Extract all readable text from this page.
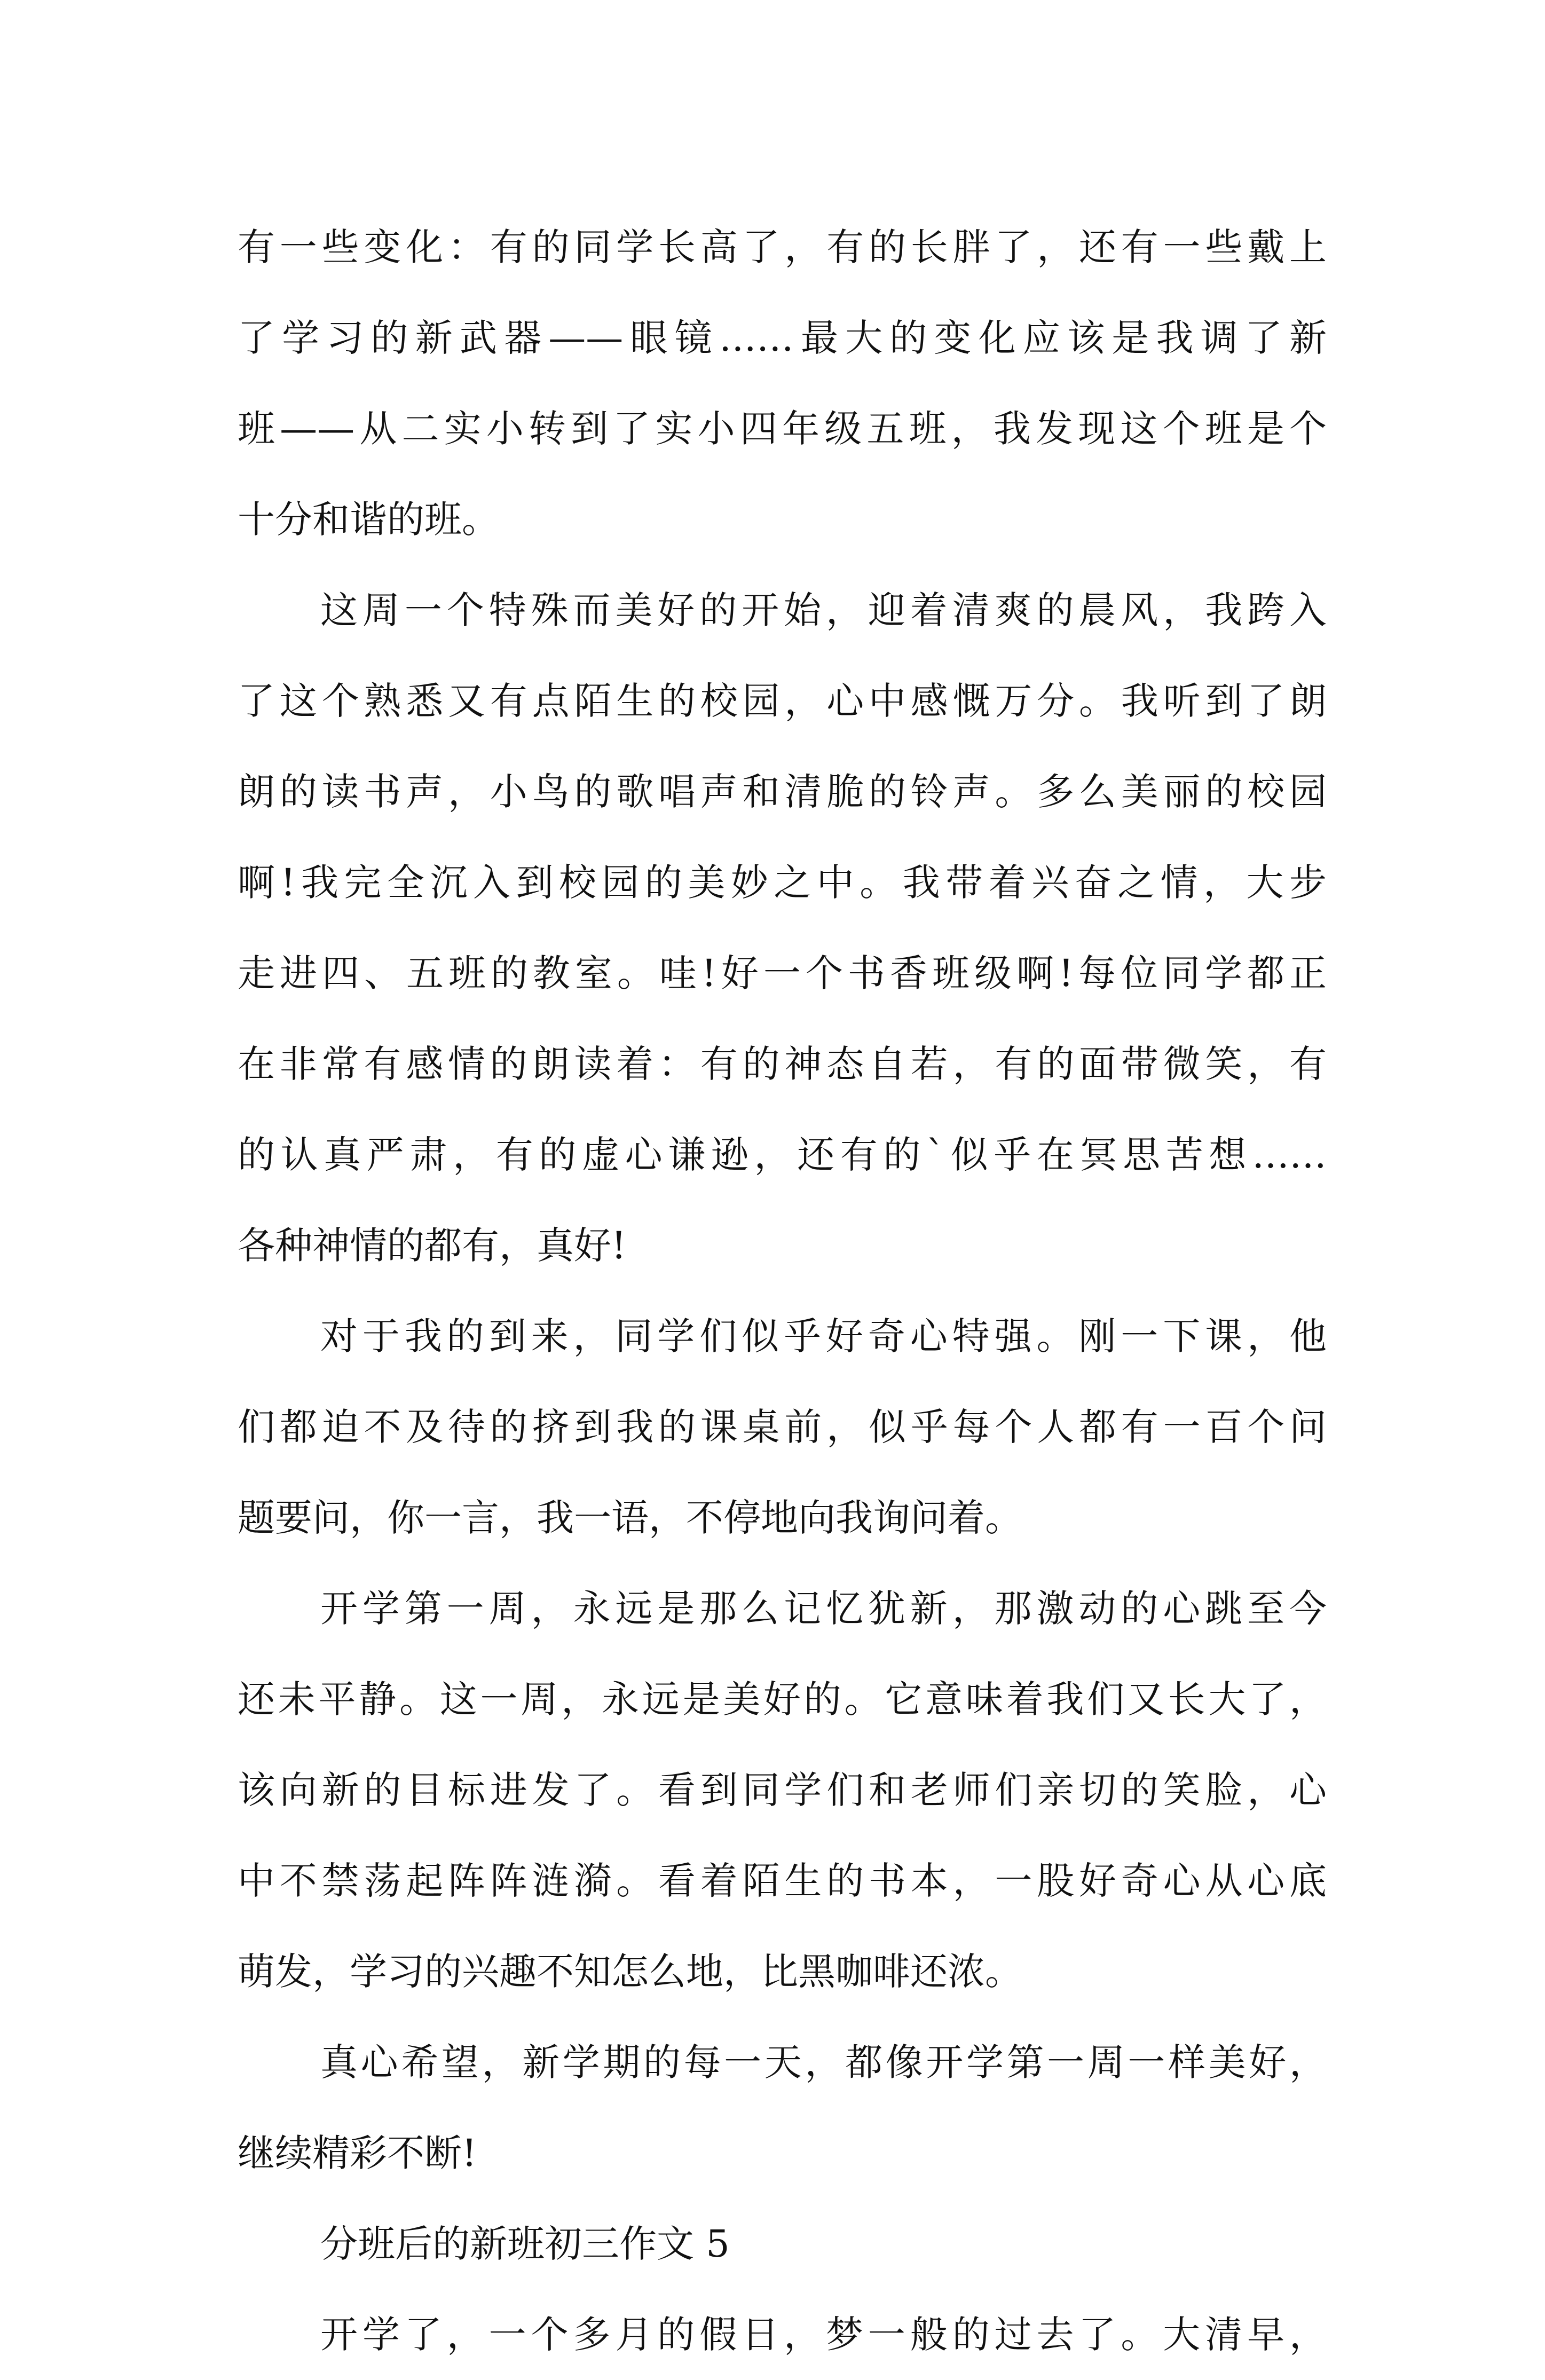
有一些变化：有的同学长高了，有的长胖了，还有一些戴上
了学习的新武器——眼镜……最大的变化应该是我调了新
班——从二实小转到了实小四年级五班，我发现这个班是个
十分和谐的班。
这周一个特殊而美好的开始，迎着清爽的晨风，我跨入
了这个熟悉又有点陌生的校园，心中感慨万分。我听到了朗
朗的读书声，小鸟的歌唱声和清脆的铃声。多么美丽的校园
啊!我完全沉入到校园的美妙之中。我带着兴奋之情，大步
走进四、五班的教室。哇!好一个书香班级啊!每位同学都正
在非常有感情的朗读着：有的神态自若，有的面带微笑，有
的认真严肃，有的虚心谦逊，还有的`似乎在冥思苦想……
各种神情的都有，真好!
对于我的到来，同学们似乎好奇心特强。刚一下课，他
们都迫不及待的挤到我的课桌前，似乎每个人都有一百个问
题要问，你一言，我一语，不停地向我询问着。
开学第一周，永远是那么记忆犹新，那激动的心跳至今
还未平静。这一周，永远是美好的。它意味着我们又长大了，
该向新的目标进发了。看到同学们和老师们亲切的笑脸，心
中不禁荡起阵阵涟漪。看着陌生的书本，一股好奇心从心底
萌发，学习的兴趣不知怎么地，比黑咖啡还浓。
真心希望，新学期的每一天，都像开学第一周一样美好，
继续精彩不断!
分班后的新班初三作文 5
开学了，一个多月的假日，梦一般的过去了。大清早，
